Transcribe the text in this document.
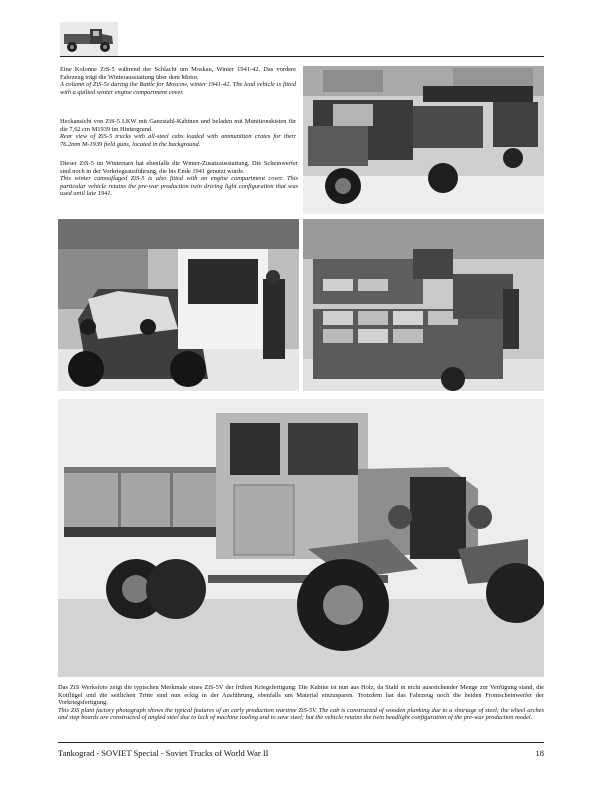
Eine Kolonne ZiS-5 während der Schlacht um Moskau, Winter 1941-42. Das vordere Fahrzeug trägt die Winterausstattung über dem Motor.
A column of ZiS-5s during the Battle for Moscow, winter 1941-42. The lead vehicle is fitted with a quilted winter engine compartment cover.
Heckansicht von ZiS-5 LKW mit Ganzstahl-Kabinen und beladen mit Munitionskisten für die 7,62 cm M1939 im Hintergrund.
Rear view of ZiS-5 trucks with all-steel cabs loaded with ammunition crates for their 76.2mm M-1939 field guns, located in the background.
Dieser ZiS-5 im Wintertarn hat ebenfalls die Winter-Zusatzausstattung. Die Scheinwerfer sind noch in der Vorkriegsausführung, die bis Ende 1941 genutzt wurde.
This winter camouflaged ZiS-5 is also fitted with an engine compartment cover. This particular vehicle retains the pre-war production twin driving light configuration that was used until late 1941.
Das ZiS Werksfoto zeigt die typischen Merkmale eines ZiS-5V der frühen Kriegsfertigung: Die Kabine ist nun aus Holz, da Stahl in nicht ausreichender Menge zur Verfügung stand, die Kotflügel und die seitlichen Tritte sind nun eckig in der Ausführung, ebenfalls um Material einzusparen. Trotzdem hat das Fahrzeug noch die beiden Frontscheinwerfer der Vorkriegsfertigung.
This ZiS plant factory photograph shows the typical features of an early production wartime ZiS-5V. The cab is constructed of wooden planking due to a shortage of steel; the wheel arches and step boards are constructed of angled steel due to lack of machine tooling and to save steel; but the vehicle retains the twin headlight configuration of the pre-war production model.
Tankograd - SOVIET Special - Soviet Trucks of World War II	18
